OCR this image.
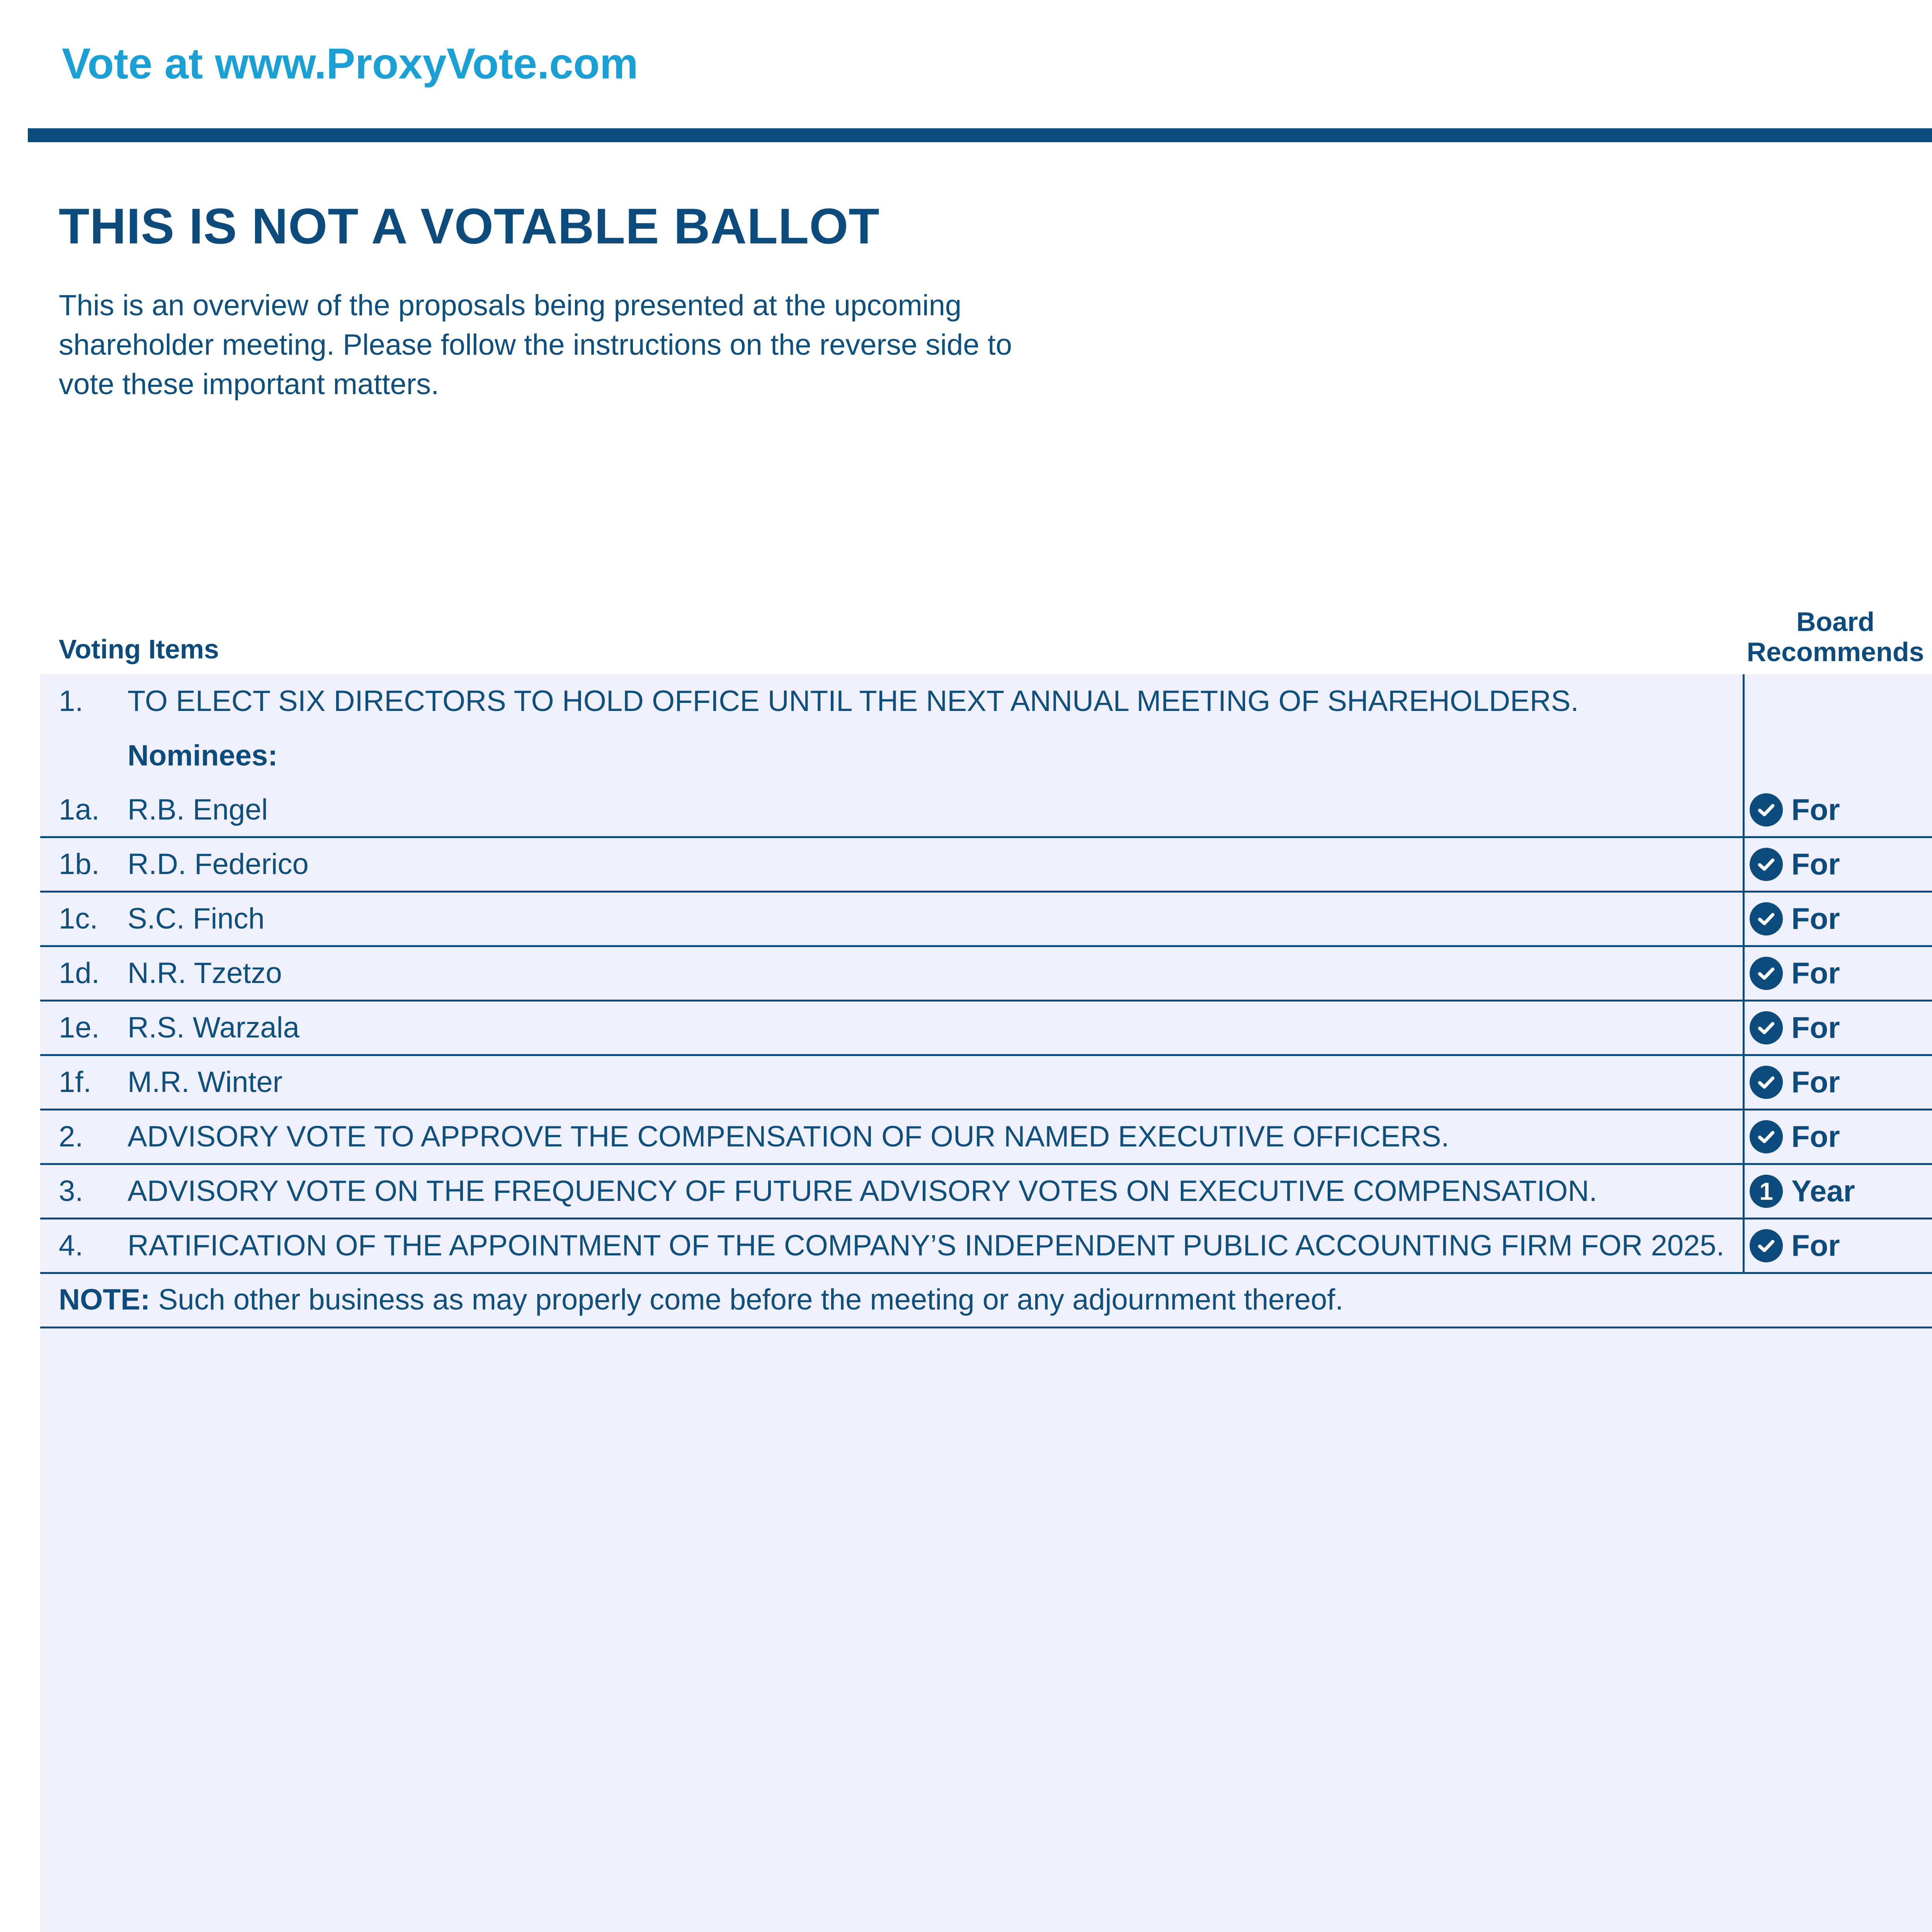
Vote at www.ProxyVote.com
THIS IS NOT A VOTABLE BALLOT
This is an overview of the proposals being presented at the upcoming shareholder meeting. Please follow the instructions on the reverse side to vote these important matters.
Voting Items
Board Recommends
1. TO ELECT SIX DIRECTORS TO HOLD OFFICE UNTIL THE NEXT ANNUAL MEETING OF SHAREHOLDERS.
Nominees:
1a. R.B. Engel	For
1b. R.D. Federico	For
1c. S.C. Finch	For
1d. N.R. Tzetzo	For
1e. R.S. Warzala	For
1f. M.R. Winter	For
2. ADVISORY VOTE TO APPROVE THE COMPENSATION OF OUR NAMED EXECUTIVE OFFICERS.	For
3. ADVISORY VOTE ON THE FREQUENCY OF FUTURE ADVISORY VOTES ON EXECUTIVE COMPENSATION.	1 Year
4. RATIFICATION OF THE APPOINTMENT OF THE COMPANY’S INDEPENDENT PUBLIC ACCOUNTING FIRM FOR 2025. For
NOTE: Such other business as may properly come before the meeting or any adjournment thereof.
